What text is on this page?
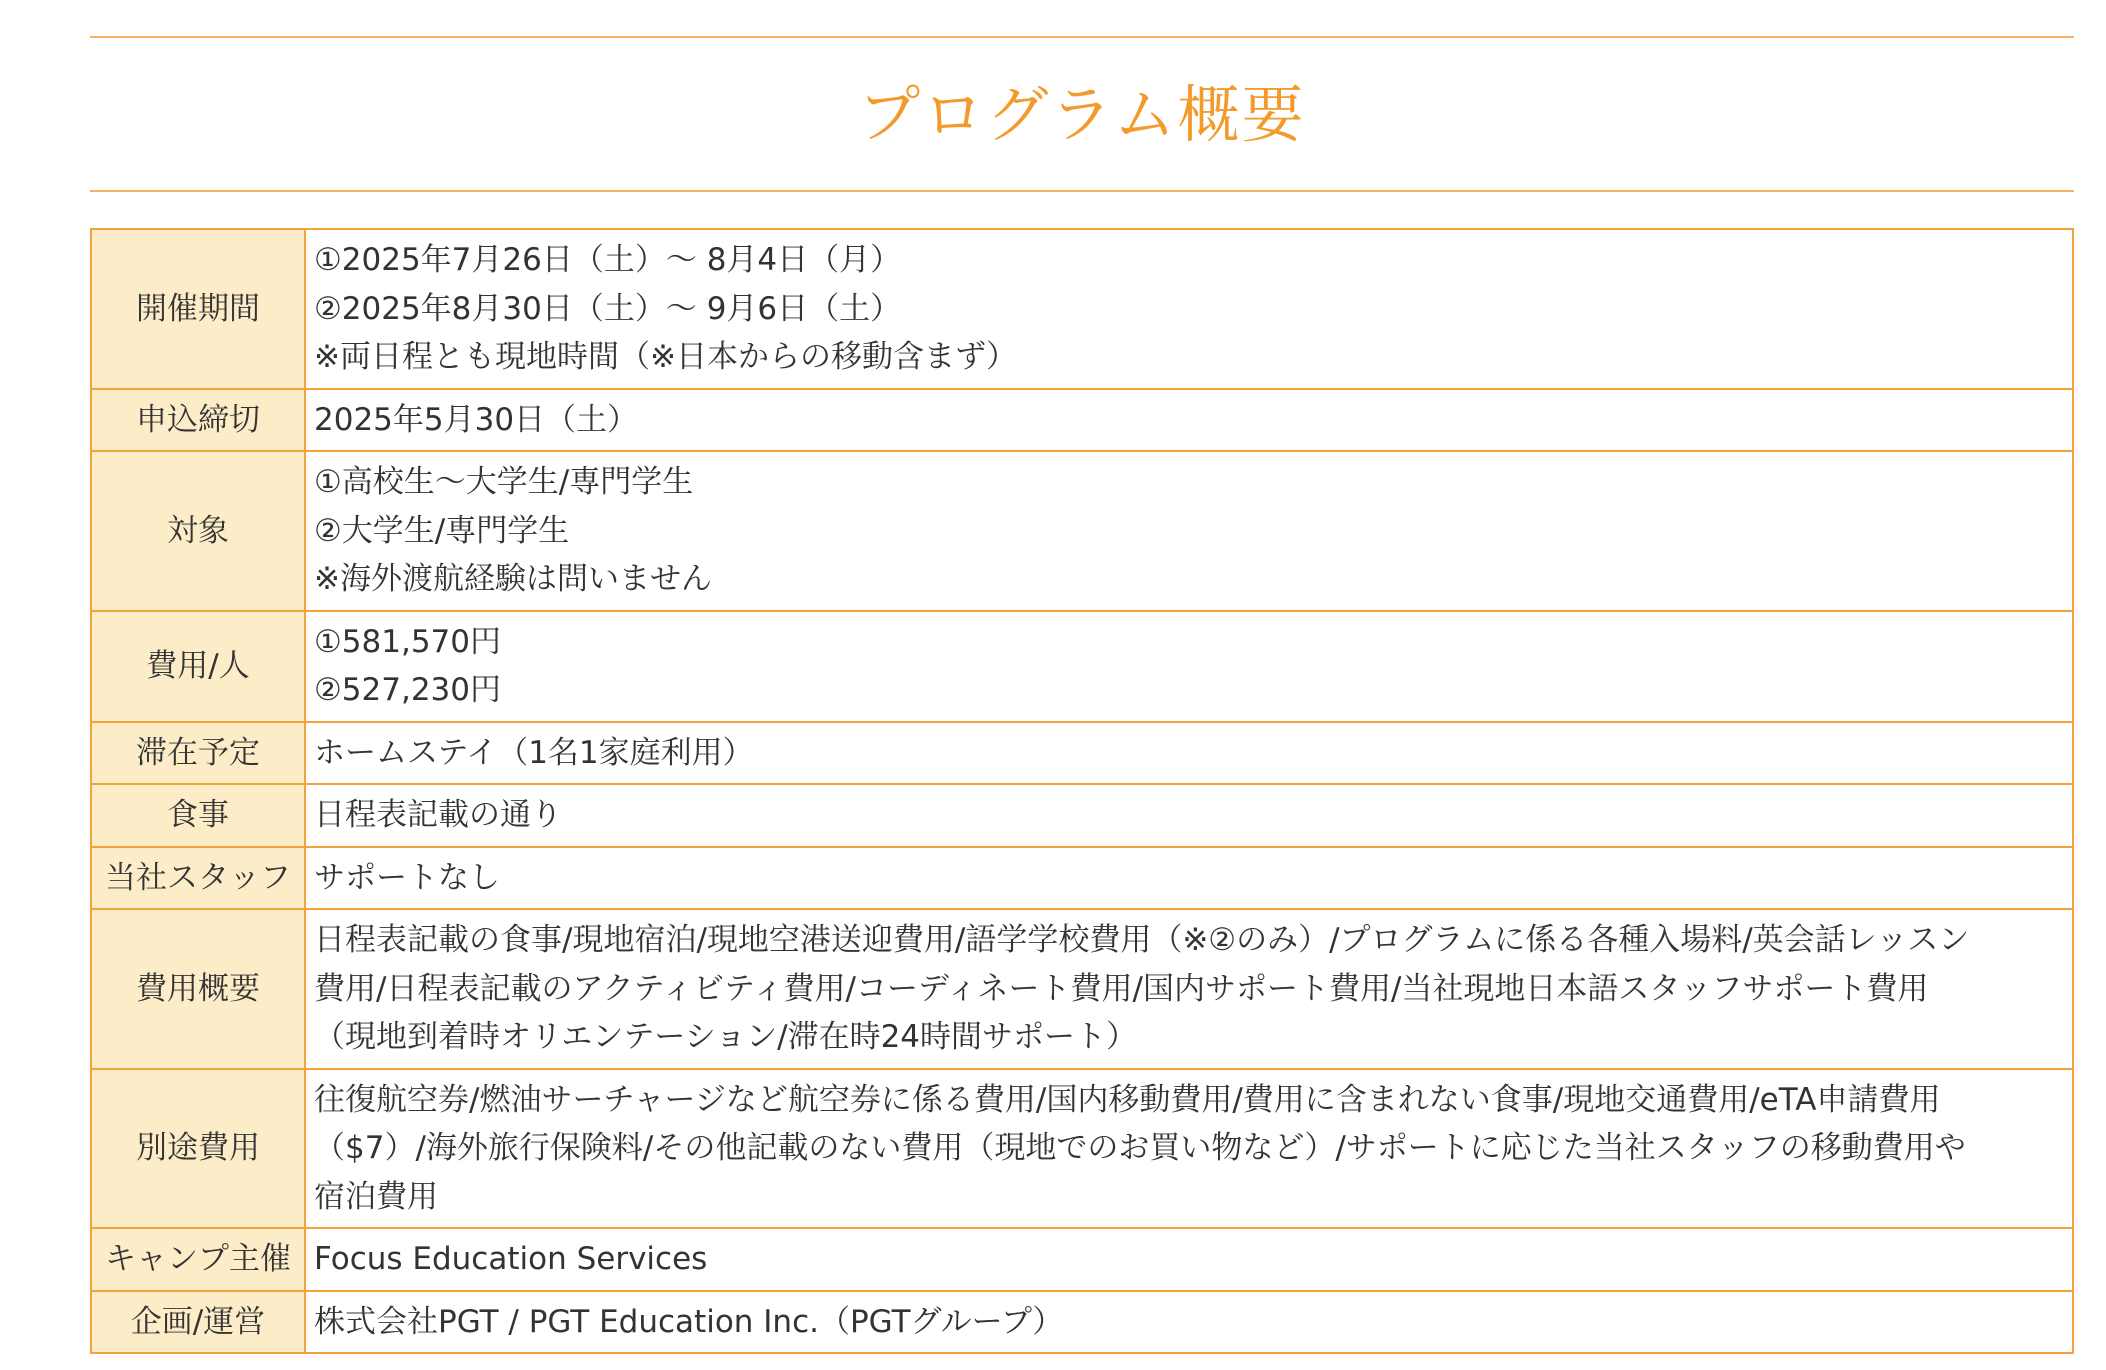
プログラム概要
開催期間	①2025年7月26日（土）～ 8月4日（月）
②2025年8月30日（土）～ 9月6日（土）
※両日程とも現地時間（※日本からの移動含まず）

申込締切	2025年5月30日（土）

対象	①高校生～大学生/専門学生
②大学生/専門学生
※海外渡航経験は問いません

費用/人	①581,570円
②527,230円

滞在予定	ホームステイ（1名1家庭利用）

食事	日程表記載の通り

当社スタッフ	サポートなし

費用概要	日程表記載の食事/現地宿泊/現地空港送迎費用/語学学校費用（※②のみ）/プログラムに係る各種入場料/英会話レッスン
費用/日程表記載のアクティビティ費用/コーディネート費用/国内サポート費用/当社現地日本語スタッフサポート費用
（現地到着時オリエンテーション/滞在時24時間サポート）

別途費用	往復航空券/燃油サーチャージなど航空券に係る費用/国内移動費用/費用に含まれない食事/現地交通費用/eTA申請費用
（$7）/海外旅行保険料/その他記載のない費用（現地でのお買い物など）/サポートに応じた当社スタッフの移動費用や
宿泊費用

キャンプ主催	Focus Education Services

企画/運営	株式会社PGT / PGT Education Inc.（PGTグループ）
